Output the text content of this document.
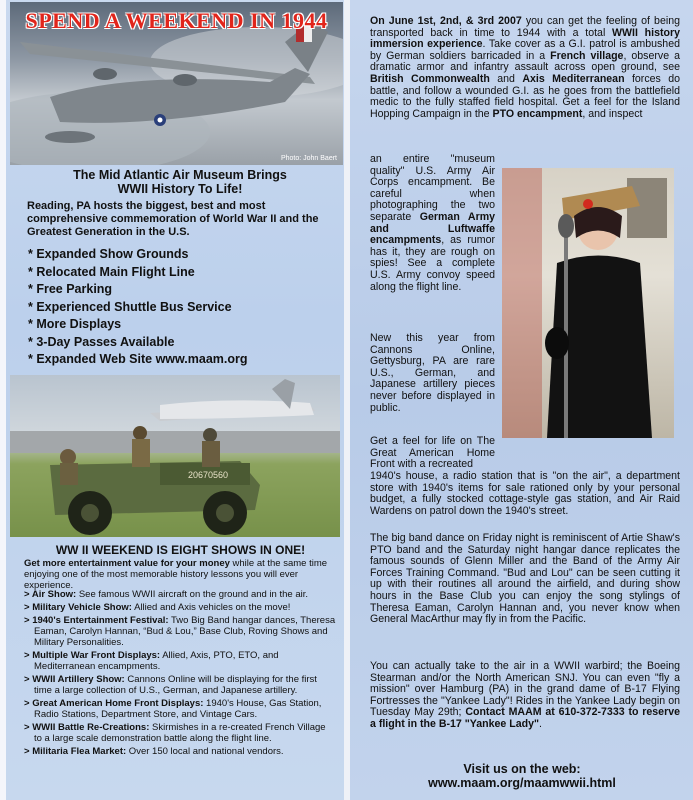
SPEND A WEEKEND IN 1944
Photo: John Baert
The Mid Atlantic Air Museum Brings
WWII History To Life!
Reading, PA hosts the biggest, best and most comprehensive commemoration of World War II and the Greatest Generation in the U.S.
* Expanded Show Grounds
* Relocated Main Flight Line
* Free Parking
* Experienced Shuttle Bus Service
* More Displays
* 3-Day Passes Available
* Expanded Web Site www.maam.org
20670560
WW II WEEKEND IS EIGHT SHOWS IN ONE!
Get more entertainment value for your money while at the same time enjoying one of the most memorable history lessons you will ever experience.
> Air Show: See famous WWII aircraft on the ground and in the air.
> Military Vehicle Show: Allied and Axis vehicles on the move!
> 1940's Entertainment Festival: Two Big Band hangar dances, Theresa Eaman, Carolyn Hannan, “Bud & Lou,” Base Club, Roving Shows and Military Personalities.
> Multiple War Front Displays: Allied, Axis, PTO, ETO, and Mediterranean encampments.
> WWII Artillery Show: Cannons Online will be displaying for the first time a large collection of U.S., German, and Japanese artillery.
> Great American Home Front Displays: 1940's House, Gas Station, Radio Stations, Department Store, and Vintage Cars.
> WWII Battle Re-Creations: Skirmishes in a re-created French Village to a large scale demonstration battle along the flight line.
> Militaria Flea Market: Over 150 local and national vendors.
On June 1st, 2nd, & 3rd 2007 you can get the feeling of being transported back in time to 1944 with a total WWII history immersion experience. Take cover as a G.I. patrol is ambushed by German soldiers barricaded in a French village, observe a dramatic armor and infantry assault across open ground, see British Commonwealth and Axis Mediterranean forces do battle, and follow a wounded G.I. as he goes from the battlefield medic to the fully staffed field hospital. Get a feel for the Island Hopping Campaign in the PTO encampment, and inspect
an entire "museum quality" U.S. Army Air Corps encampment. Be careful when photographing the two separate German Army and Luftwaffe encampments, as rumor has it, they are rough on spies! See a complete U.S. Army convoy speed along the flight line.
New this year from Cannons Online, Gettysburg, PA are rare U.S., German, and Japanese artillery pieces never before displayed in public.
Get a feel for life on The Great American Home Front with a recreated
1940's house, a radio station that is "on the air", a department store with 1940's items for sale rationed only by your personal budget, a fully stocked cottage-style gas station, and Air Raid Wardens on patrol down the 1940's street.
The big band dance on Friday night is reminiscent of Artie Shaw's PTO band and the Saturday night hangar dance replicates the famous sounds of Glenn Miller and the Band of the Army Air Forces Training Command. "Bud and Lou" can be seen cutting it up with their routines all around the airfield, and during show hours in the Base Club you can enjoy the song stylings of Theresa Eaman, Carolyn Hannan and, you never know when General MacArthur may fly in from the Pacific.
You can actually take to the air in a WWII warbird; the Boeing Stearman and/or the North American SNJ. You can even "fly a mission" over Hamburg (PA) in the grand dame of B-17 Flying Fortresses the "Yankee Lady"! Rides in the Yankee Lady begin on Tuesday May 29th; Contact MAAM at 610-372-7333 to reserve a flight in the B-17 "Yankee Lady".
Visit us on the web:
www.maam.org/maamwwii.html
